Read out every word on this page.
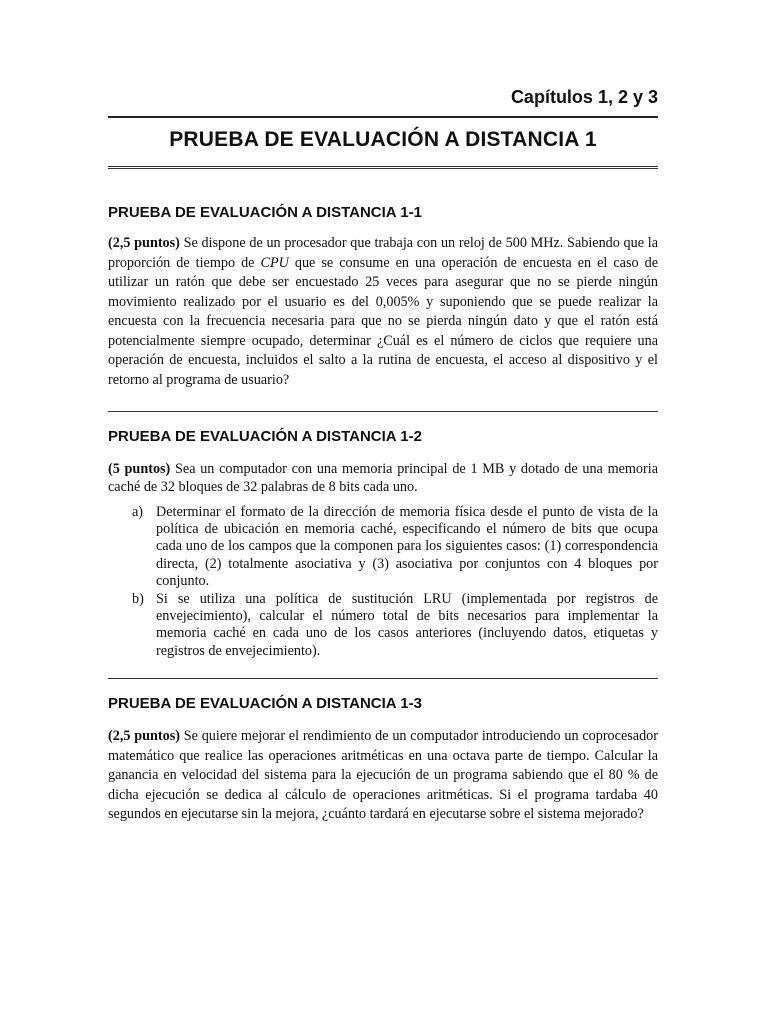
Capítulos 1, 2 y 3
PRUEBA DE EVALUACIÓN A DISTANCIA 1
PRUEBA DE EVALUACIÓN A DISTANCIA 1-1
(2,5 puntos) Se dispone de un procesador que trabaja con un reloj de 500 MHz. Sabiendo que la proporción de tiempo de CPU que se consume en una operación de encuesta en el caso de utilizar un ratón que debe ser encuestado 25 veces para asegurar que no se pierde ningún movimiento realizado por el usuario es del 0,005% y suponiendo que se puede realizar la encuesta con la frecuencia necesaria para que no se pierda ningún dato y que el ratón está potencialmente siempre ocupado, determinar ¿Cuál es el número de ciclos que requiere una operación de encuesta, incluidos el salto a la rutina de encuesta, el acceso al dispositivo y el retorno al programa de usuario?
PRUEBA DE EVALUACIÓN A DISTANCIA 1-2
(5 puntos) Sea un computador con una memoria principal de 1 MB y dotado de una memoria caché de 32 bloques de 32 palabras de 8 bits cada uno.
a) Determinar el formato de la dirección de memoria física desde el punto de vista de la política de ubicación en memoria caché, especificando el número de bits que ocupa cada uno de los campos que la componen para los siguientes casos: (1) correspondencia directa, (2) totalmente asociativa y (3) asociativa por conjuntos con 4 bloques por conjunto.
b) Si se utiliza una política de sustitución LRU (implementada por registros de envejecimiento), calcular el número total de bits necesarios para implementar la memoria caché en cada uno de los casos anteriores (incluyendo datos, etiquetas y registros de envejecimiento).
PRUEBA DE EVALUACIÓN A DISTANCIA 1-3
(2,5 puntos) Se quiere mejorar el rendimiento de un computador introduciendo un coprocesador matemático que realice las operaciones aritméticas en una octava parte de tiempo. Calcular la ganancia en velocidad del sistema para la ejecución de un programa sabiendo que el 80 % de dicha ejecución se dedica al cálculo de operaciones aritméticas. Si el programa tardaba 40 segundos en ejecutarse sin la mejora, ¿cuánto tardará en ejecutarse sobre el sistema mejorado?
